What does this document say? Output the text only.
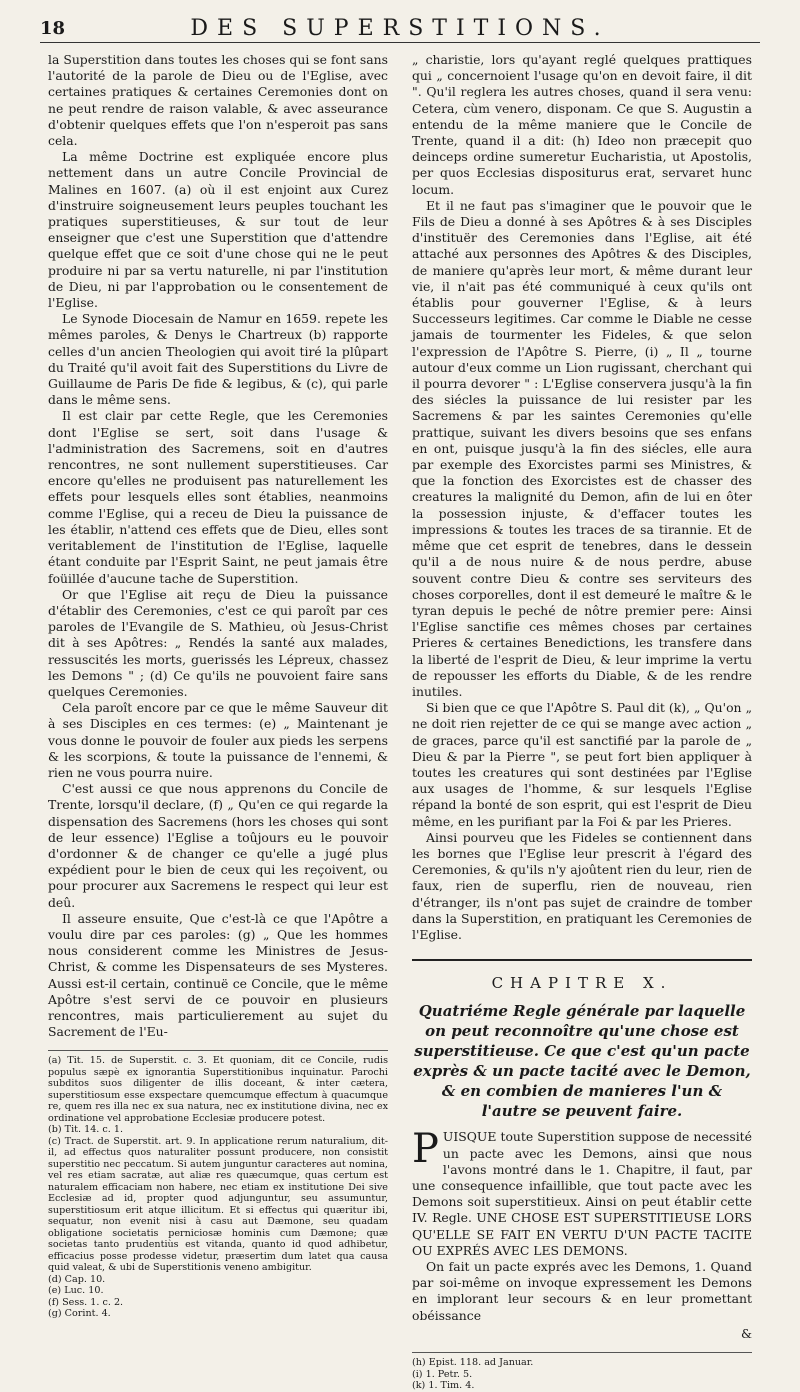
18	DES SUPERSTITIONS.

la Superstition dans toutes les choses qui se font sans l'autorité de la parole de Dieu ou de l'Eglise, avec certaines pratiques & certaines Ceremonies dont on ne peut rendre de raison valable, & avec asseurance d'obtenir quelques effets que l'on n'esperoit pas sans cela.

La même Doctrine est expliquée encore plus nettement dans un autre Concile Provincial de Malines en 1607. (a) où il est enjoint aux Curez d'instruire soigneusement leurs peuples touchant les pratiques superstitieuses, & sur tout de leur enseigner que c'est une Superstition que d'attendre quelque effet que ce soit d'une chose qui ne le peut produire ni par sa vertu naturelle, ni par l'institution de Dieu, ni par l'approbation ou le consentement de l'Eglise.

Le Synode Diocesain de Namur en 1659. repete les mêmes paroles, & Denys le Chartreux (b) rapporte celles d'un ancien Theologien qui avoit tiré la plûpart du Traité qu'il avoit fait des Superstitions du Livre de Guillaume de Paris De fide & legibus, & (c), qui parle dans le même sens.

Il est clair par cette Regle, que les Ceremonies dont l'Eglise se sert, soit dans l'usage & l'administration des Sacremens, soit en d'autres rencontres, ne sont nullement superstitieuses. Car encore qu'elles ne produisent pas naturellement les effets pour lesquels elles sont établies, neanmoins comme l'Eglise, qui a receu de Dieu la puissance de les établir, n'attend ces effets que de Dieu, elles sont veritablement de l'institution de l'Eglise, laquelle étant conduite par l'Esprit Saint, ne peut jamais être foüillée d'aucune tache de Superstition.

Or que l'Eglise ait reçu de Dieu la puissance d'établir des Ceremonies, c'est ce qui paroît par ces paroles de l'Evangile de S. Mathieu, où Jesus-Christ dit à ses Apôtres: „ Rendés la santé aux malades, ressuscités les morts, guerissés les Lépreux, chassez les Demons " ; (d) Ce qu'ils ne pouvoient faire sans quelques Ceremonies.

Cela paroît encore par ce que le même Sauveur dit à ses Disciples en ces termes: (e) „ Maintenant je vous donne le pouvoir de fouler aux pieds les serpens & les scorpions, & toute la puissance de l'ennemi, & rien ne vous pourra nuire.

C'est aussi ce que nous apprenons du Concile de Trente, lorsqu'il declare, (f) „ Qu'en ce qui regarde la dispensation des Sacremens (hors les choses qui sont de leur essence) l'Eglise a toûjours eu le pouvoir d'ordonner & de changer ce qu'elle a jugé plus expédient pour le bien de ceux qui les reçoivent, ou pour procurer aux Sacremens le respect qui leur est deû.

Il asseure ensuite, Que c'est-là ce que l'Apôtre a voulu dire par ces paroles: (g) „ Que les hommes nous considerent comme les Ministres de Jesus-Christ, & comme les Dispensateurs de ses Mysteres. Aussi est-il certain, continuë ce Concile, que le même Apôtre s'est servi de ce pouvoir en plusieurs rencontres, mais particulierement au sujet du Sacrement de l'Eu-

(a) Tit. 15. de Superstit. c. 3. Et quoniam, dit ce Concile, rudis populus sæpè ex ignorantia Superstitionibus inquinatur. Parochi subditos suos diligenter de illis doceant, & inter cætera, superstitiosum esse exspectare quemcumque effectum à quacumque re, quem res illa nec ex sua natura, nec ex institutione divina, nec ex ordinatione vel approbatione Ecclesiæ producere potest.
(b) Tit. 14. c. 1.
(c) Tract. de Superstit. art. 9. In applicatione rerum naturalium, dit-il, ad effectus quos naturaliter possunt producere, non consistit superstitio nec peccatum. Si autem junguntur caracteres aut nomina, vel res etiam sacratæ, aut aliæ res quæcumque, quas certum est naturalem efficaciam non habere, nec etiam ex institutione Dei sive Ecclesiæ ad id, propter quod adjunguntur, seu assumuntur, superstitiosum erit atque illicitum. Et si effectus qui quæritur ibi, sequatur, non evenit nisi à casu aut Dæmone, seu quadam obligatione societatis perniciosæ hominis cum Dæmone; quæ societas tanto prudentiùs est vitanda, quanto id quod adhibetur, efficacius posse prodesse videtur, præsertim dum latet qua causa quid valeat, & ubi de Superstitionis veneno ambigitur.
(d) Cap. 10.
(e) Luc. 10.
(f) Sess. 1. c. 2.
(g) Corint. 4.

„ charistie, lors qu'ayant reglé quelques prattiques qui „ concernoient l'usage qu'on en devoit faire, il dit ". Qu'il reglera les autres choses, quand il sera venu: Cetera, cùm venero, disponam. Ce que S. Augustin a entendu de la même maniere que le Concile de Trente, quand il a dit: (h) Ideo non præcepit quo deinceps ordine sumeretur Eucharistia, ut Apostolis, per quos Ecclesias dispositurus erat, servaret hunc locum.

Et il ne faut pas s'imaginer que le pouvoir que le Fils de Dieu a donné à ses Apôtres & à ses Disciples d'instituër des Ceremonies dans l'Eglise, ait été attaché aux personnes des Apôtres & des Disciples, de maniere qu'après leur mort, & même durant leur vie, il n'ait pas été communiqué à ceux qu'ils ont établis pour gouverner l'Eglise, & à leurs Successeurs legitimes. Car comme le Diable ne cesse jamais de tourmenter les Fideles, & que selon l'expression de l'Apôtre S. Pierre, (i) „ Il „ tourne autour d'eux comme un Lion rugissant, cherchant qui il pourra devorer " : L'Eglise conservera jusqu'à la fin des siécles la puissance de lui resister par les Sacremens & par les saintes Ceremonies qu'elle prattique, suivant les divers besoins que ses enfans en ont, puisque jusqu'à la fin des siécles, elle aura par exemple des Exorcistes parmi ses Ministres, & que la fonction des Exorcistes est de chasser des creatures la malignité du Demon, afin de lui en ôter la possession injuste, & d'effacer toutes les impressions & toutes les traces de sa tirannie. Et de même que cet esprit de tenebres, dans le dessein qu'il a de nous nuire & de nous perdre, abuse souvent contre Dieu & contre ses serviteurs des choses corporelles, dont il est demeuré le maître & le tyran depuis le peché de nôtre premier pere: Ainsi l'Eglise sanctifie ces mêmes choses par certaines Prieres & certaines Benedictions, les transfere dans la liberté de l'esprit de Dieu, & leur imprime la vertu de repousser les efforts du Diable, & de les rendre inutiles.

Si bien que ce que l'Apôtre S. Paul dit (k), „ Qu'on „ ne doit rien rejetter de ce qui se mange avec action „ de graces, parce qu'il est sanctifié par la parole de „ Dieu & par la Pierre ", se peut fort bien appliquer à toutes les creatures qui sont destinées par l'Eglise aux usages de l'homme, & sur lesquels l'Eglise répand la bonté de son esprit, qui est l'esprit de Dieu même, en les purifiant par la Foi & par les Prieres.

Ainsi pourveu que les Fideles se contiennent dans les bornes que l'Eglise leur prescrit à l'égard des Ceremonies, & qu'ils n'y ajoûtent rien du leur, rien de faux, rien de superflu, rien de nouveau, rien d'étranger, ils n'ont pas sujet de craindre de tomber dans la Superstition, en pratiquant les Ceremonies de l'Eglise.

CHAPITRE X.
Quatriéme Regle générale par laquelle on peut reconnoître qu'une chose est superstitieuse. Ce que c'est qu'un pacte exprès & un pacte tacité avec le Demon, & en combien de manieres l'un & l'autre se peuvent faire.

PUISQUE toute Superstition suppose de necessité un pacte avec les Demons, ainsi que nous l'avons montré dans le 1. Chapitre, il faut, par une consequence infaillible, que tout pacte avec les Demons soit superstitieux. Ainsi on peut établir cette IV. Regle. UNE CHOSE EST SUPERSTITIEUSE LORS QU'ELLE SE FAIT EN VERTU D'UN PACTE TACITE OU EXPRÉS AVEC LES DEMONS.

On fait un pacte exprés avec les Demons, 1. Quand par soi-même on invoque expressement les Demons en implorant leur secours & en leur promettant obéissance

&
(h) Epist. 118. ad Januar.
(i) 1. Petr. 5.
(k) 1. Tim. 4.
